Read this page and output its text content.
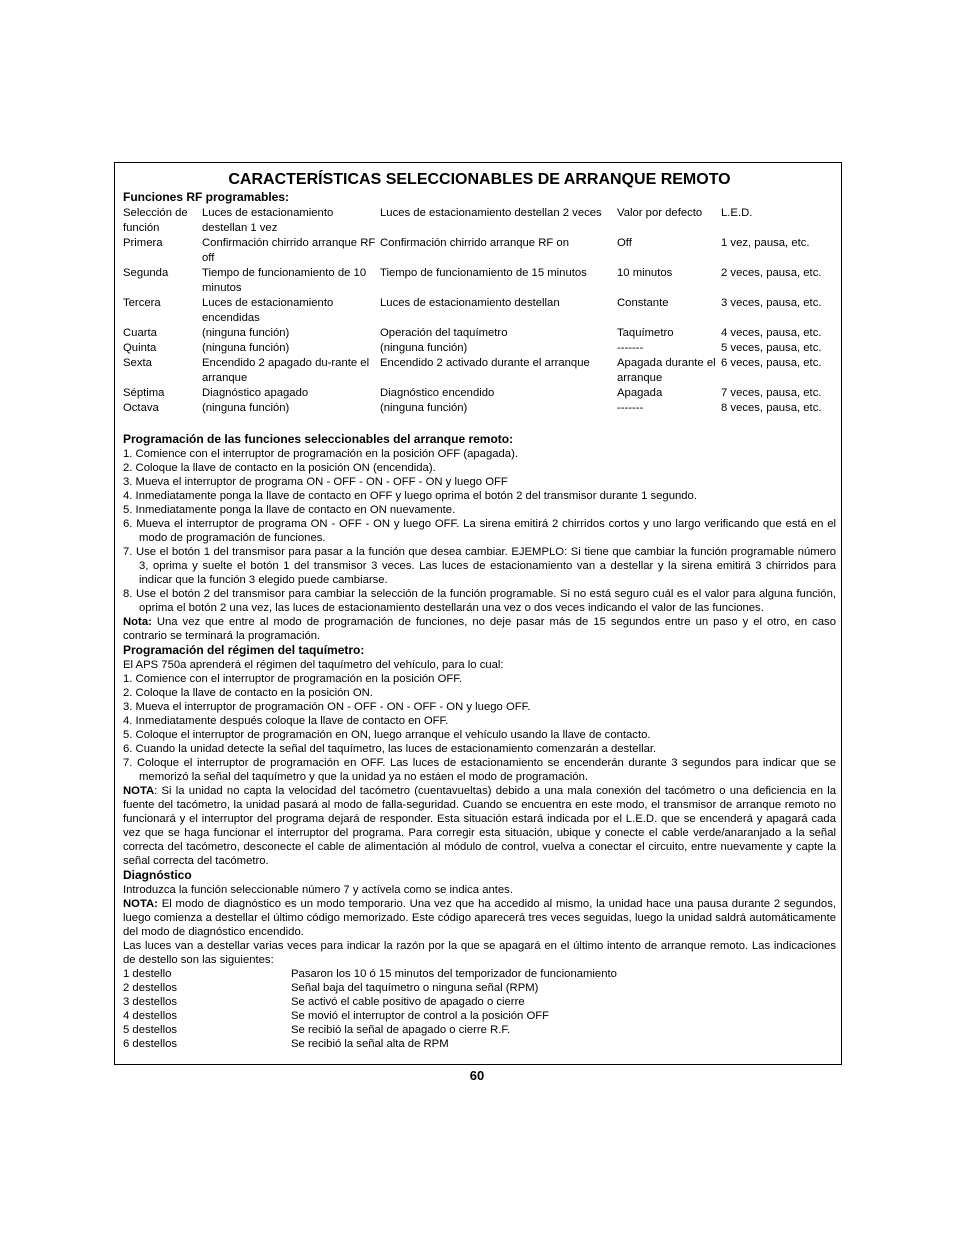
CARACTERÍSTICAS SELECCIONABLES DE ARRANQUE REMOTO
Funciones RF programables:
Selección de función	Luces de estacionamiento destellan 1 vez	Luces de estacionamiento destellan 2 veces	Valor por defecto	L.E.D.
Primera	Confirmación chirrido arranque RF off	Confirmación chirrido arranque RF on	Off	1 vez, pausa, etc.
Segunda	Tiempo de funcionamiento de 10 minutos	Tiempo de funcionamiento de 15 minutos	10 minutos	2 veces, pausa, etc.
Tercera	Luces de estacionamiento encendidas	Luces de estacionamiento destellan	Constante	3 veces, pausa, etc.
Cuarta	(ninguna función)	Operación del taquímetro	Taquímetro	4 veces, pausa, etc.
Quinta	(ninguna función)	(ninguna función)	-------	5 veces, pausa, etc.
Sexta	Encendido 2 apagado du-rante el arranque	Encendido 2 activado durante el arranque	Apagada durante el arranque	6 veces, pausa, etc.
Séptima	Diagnóstico apagado	Diagnóstico encendido	Apagada	7 veces, pausa, etc.
Octava	(ninguna función)	(ninguna función)	-------	8 veces, pausa, etc.
Programación de las funciones seleccionables del arranque remoto:
1. Comience con el interruptor de programación en la posición OFF (apagada).
2. Coloque la llave de contacto en la posición ON (encendida).
3. Mueva el interruptor de programa ON - OFF - ON - OFF - ON y luego OFF
4. Inmediatamente ponga la llave de contacto en OFF y luego oprima el botón 2 del transmisor durante 1 segundo.
5. Inmediatamente ponga la llave de contacto en ON nuevamente.
6. Mueva el interruptor de programa ON - OFF - ON y luego OFF. La sirena emitirá 2 chirridos cortos y uno largo verificando que está en el modo de programación de funciones.
7. Use el botón 1 del transmisor para pasar a la función que desea cambiar. EJEMPLO: Si tiene que cambiar la función programable número 3, oprima y suelte el botón 1 del transmisor 3 veces. Las luces de estacionamiento van a destellar y la sirena emitirá 3 chirridos para indicar que la función 3 elegido puede cambiarse.
8. Use el botón 2 del transmisor para cambiar la selección de la función programable. Si no está seguro cuál es el valor para alguna función, oprima el botón 2 una vez, las luces de estacionamiento destellarán una vez o dos veces indicando el valor de las funciones.

Nota: Una vez que entre al modo de programación de funciones, no deje pasar más de 15 segundos entre un paso y el otro, en caso contrario se terminará la programación.

Programación del régimen del taquímetro:

El APS 750a aprenderá el régimen del taquímetro del vehículo, para lo cual:

1. Comience con el interruptor de programación en la posición OFF.
2. Coloque la llave de contacto en la posición ON.
3. Mueva el interruptor de programación ON - OFF - ON - OFF - ON y luego OFF.
4. Inmediatamente después coloque la llave de contacto en OFF.
5. Coloque el interruptor de programación en ON, luego arranque el vehículo usando la llave de contacto.
6. Cuando la unidad detecte la señal del taquímetro, las luces de estacionamiento comenzarán a destellar.
7. Coloque el interruptor de programación en OFF. Las luces de estacionamiento se encenderán durante 3 segundos para indicar que se memorizó la señal del taquímetro y que la unidad ya no estáen el modo de programación.

NOTA: Si la unidad no capta la velocidad del tacómetro (cuentavueltas) debido a una mala conexión del tacómetro o una deficiencia en la fuente del tacómetro, la unidad pasará al modo de falla-seguridad. Cuando se encuentra en este modo, el transmisor de arranque remoto no funcionará y el interruptor del programa dejará de responder. Esta situación estará indicada por el L.E.D. que se encenderá y apagará cada vez que se haga funcionar el interruptor del programa. Para corregir esta situación, ubique y conecte el cable verde/anaranjado a la señal correcta del tacómetro, desconecte el cable de alimentación al módulo de control, vuelva a conectar el circuito, entre nuevamente y capte la señal correcta del tacómetro.

Diagnóstico

Introduzca la función seleccionable número 7 y actívela como se indica antes.

NOTA: El modo de diagnóstico es un modo temporario. Una vez que ha accedido al mismo, la unidad hace una pausa durante 2 segundos, luego comienza a destellar el último código memorizado. Este código aparecerá tres veces seguidas, luego la unidad saldrá automáticamente del modo de diagnóstico encendido.

Las luces van a destellar varias veces para indicar la razón por la que se apagará en el último intento de arranque remoto. Las indicaciones de destello son las siguientes:

1 destello	Pasaron los 10 ó 15 minutos del temporizador de funcionamiento
2 destellos	Señal baja del taquímetro o ninguna señal (RPM)
3 destellos	Se activó el cable positivo de apagado o cierre
4 destellos	Se movió el interruptor de control a la posición OFF
5 destellos	Se recibió la señal de apagado o cierre R.F.
6 destellos	Se recibió la señal alta de RPM
60
